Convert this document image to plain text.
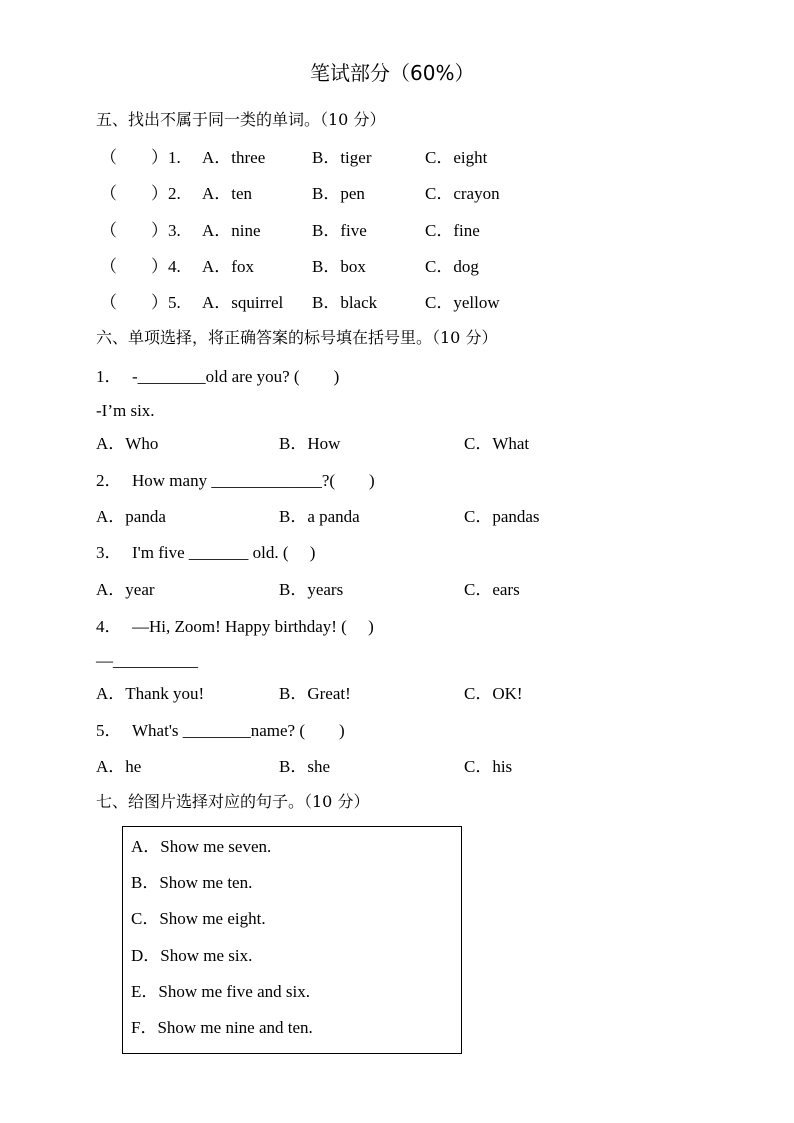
笔试部分（60%）
五、找出不属于同一类的单词。（10 分）
（　　） 1. A．three	B．tiger	C．eight
（　　） 2. A．ten	B．pen	C．crayon
（　　） 3. A．nine	B．five	C．fine
（　　） 4. A．fox	B．box	C．dog
（　　） 5. A．squirrel B．black	C．yellow
六、单项选择，将正确答案的标号填在括号里。（10 分）
1． -________old are you? (　　)
-I’m six.
A．Who	B．How	C．What
2． How many _____________?(　　)
A．panda	B．a panda	C．pandas
3． I'm five _______ old. (　 )
A．year	B．years	C．ears
4． —Hi, Zoom! Happy birthday! (　 )
—__________
A．Thank you!	B．Great!	C．OK!
5． What's ________name? (　　)
A．he	B．she	C．his
七、给图片选择对应的句子。（10 分）
A．Show me seven.
B．Show me ten.
C．Show me eight.
D．Show me six.
E．Show me five and six.
F．Show me nine and ten.
